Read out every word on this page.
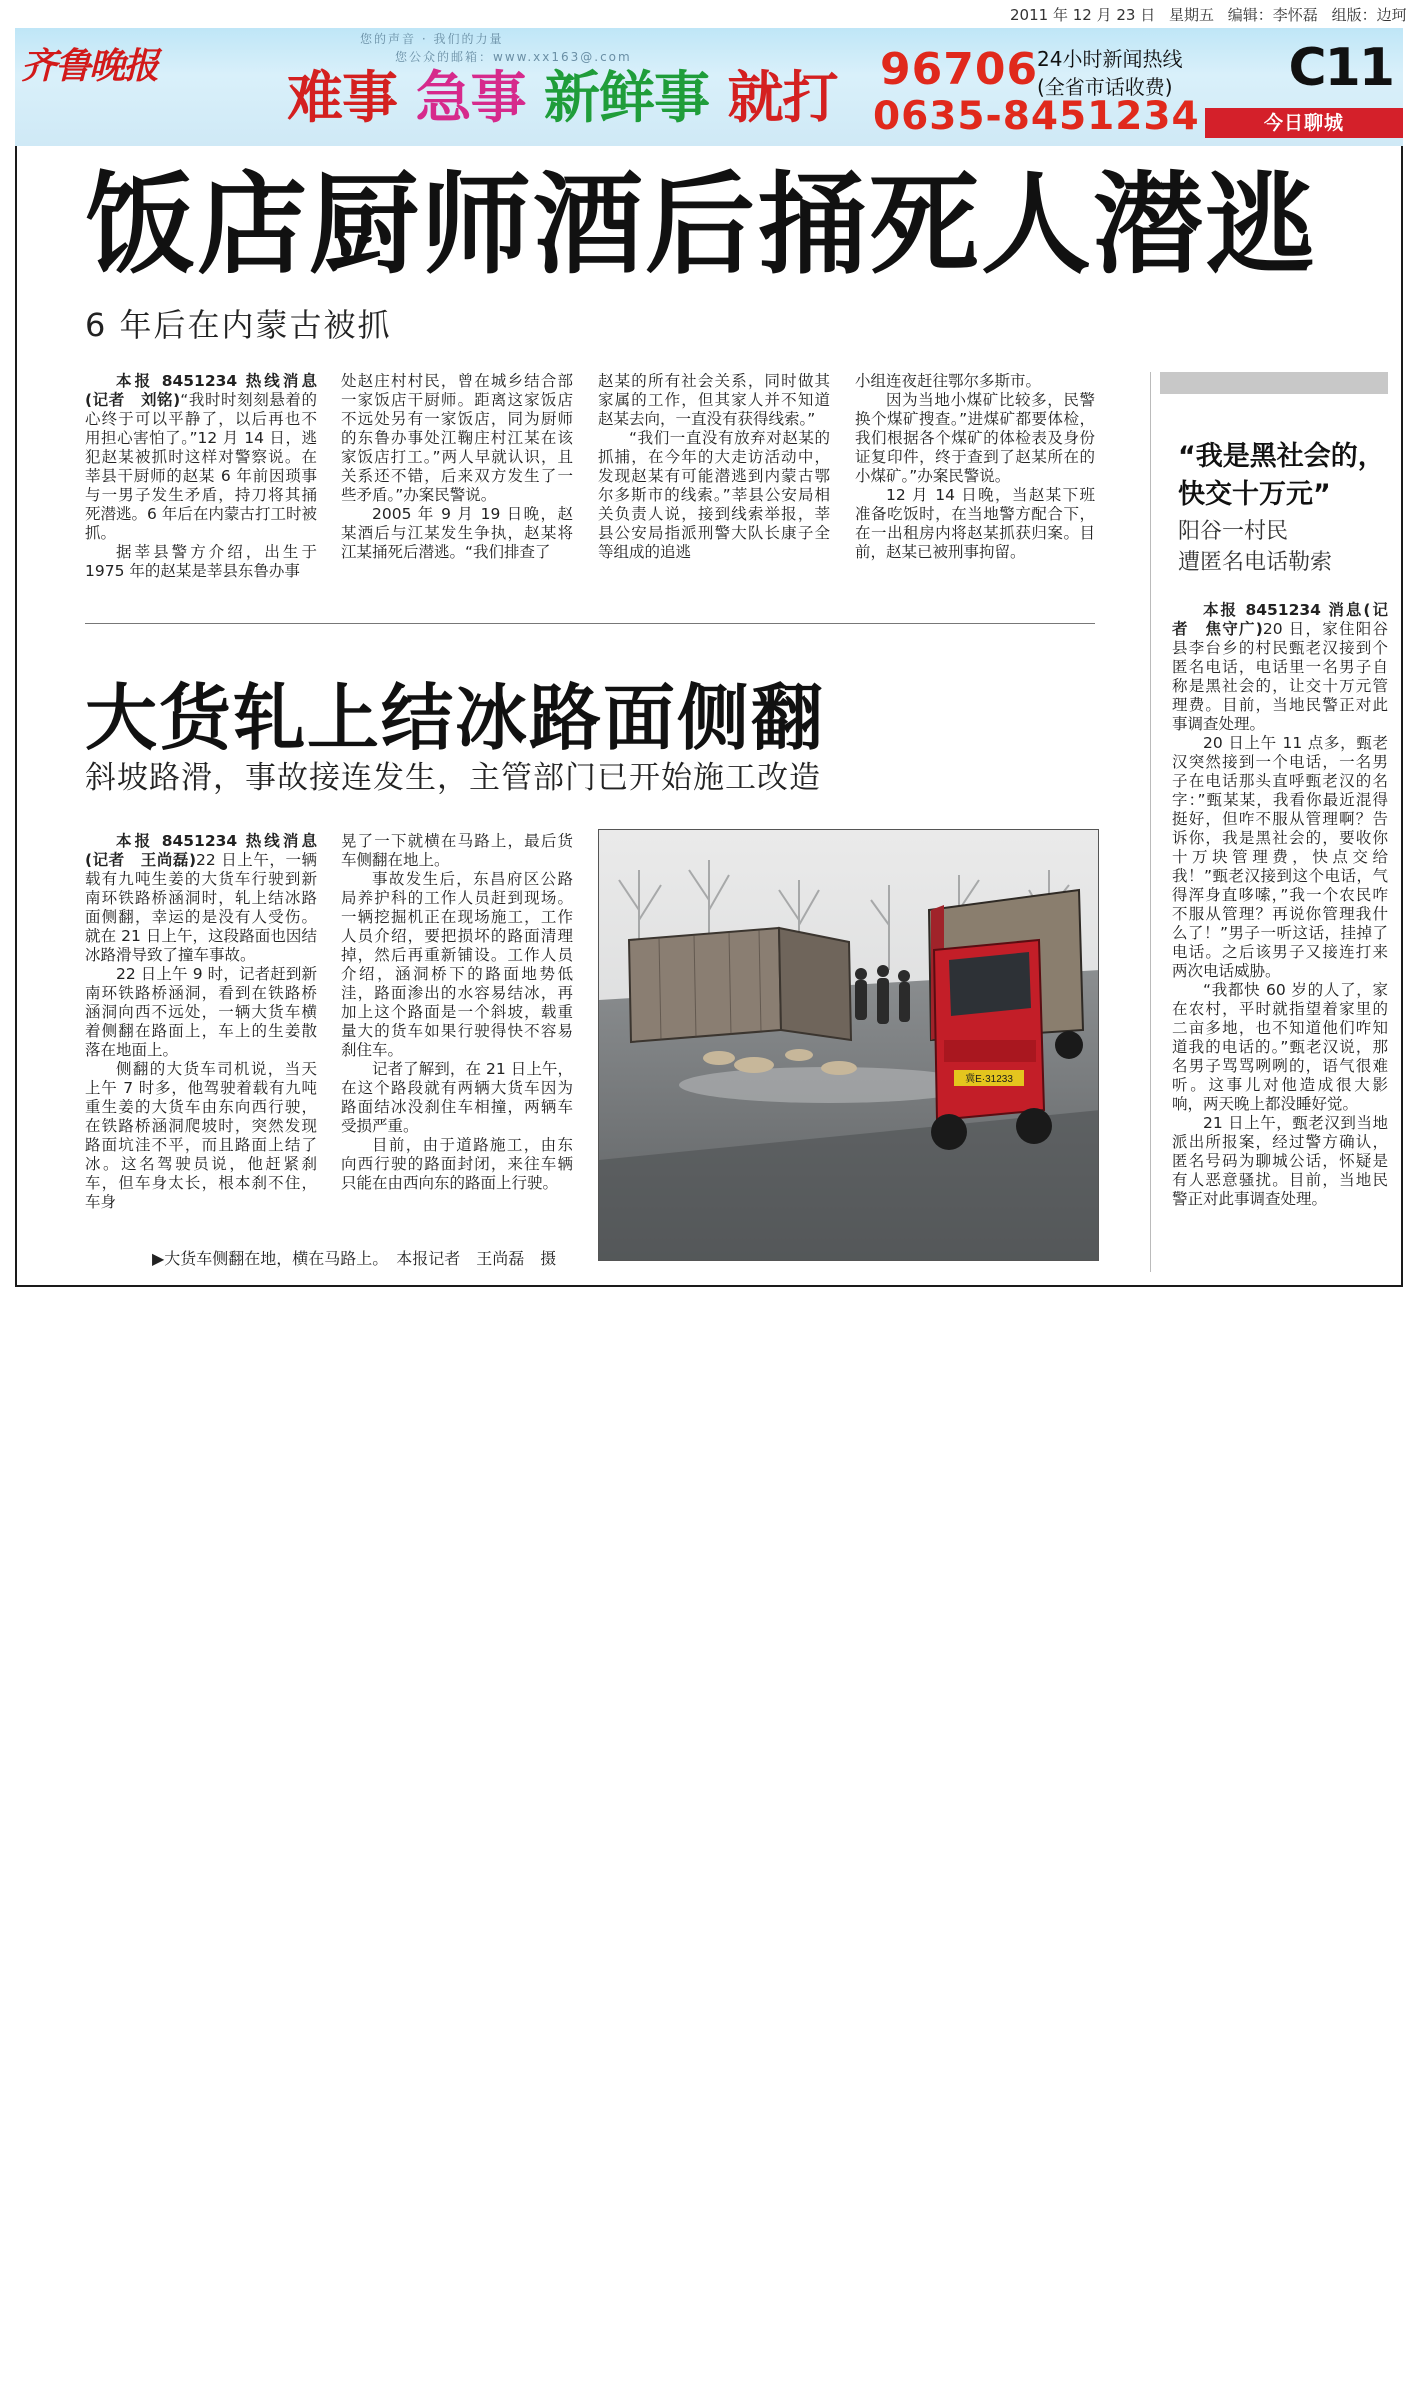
2011 年 12 月 23 日 星期五 编辑：李怀磊 组版：边珂
您的声音 · 我们的力量
您公众的邮箱：www.xx163@.com
齐鲁晚报 难事 急事 新鲜事 就打 96706
24小时新闻热线
(全省市话收费)
0635-8451234
C11
今日聊城
饭店厨师酒后捅死人潜逃
6 年后在内蒙古被抓

本报 8451234 热线消息(记者　刘铭)“我时时刻刻悬着的心终于可以平静了，以后再也不用担心害怕了。”12 月 14 日，逃犯赵某被抓时这样对警察说。在莘县干厨师的赵某 6 年前因琐事与一男子发生矛盾，持刀将其捅死潜逃。6 年后在内蒙古打工时被抓。

据莘县警方介绍，出生于 1975 年的赵某是莘县东鲁办事

处赵庄村村民，曾在城乡结合部一家饭店干厨师。距离这家饭店不远处另有一家饭店，同为厨师的东鲁办事处江鞠庄村江某在该家饭店打工。”两人早就认识，且关系还不错，后来双方发生了一些矛盾。”办案民警说。

2005 年 9 月 19 日晚，赵某酒后与江某发生争执，赵某将江某捅死后潜逃。“我们排查了

赵某的所有社会关系，同时做其家属的工作，但其家人并不知道赵某去向，一直没有获得线索。”

“我们一直没有放弃对赵某的抓捕，在今年的大走访活动中，发现赵某有可能潜逃到内蒙古鄂尔多斯市的线索。”莘县公安局相关负责人说，接到线索举报，莘县公安局指派刑警大队长康子全等组成的追逃

小组连夜赶往鄂尔多斯市。

因为当地小煤矿比较多，民警换个煤矿搜查。”进煤矿都要体检，我们根据各个煤矿的体检表及身份证复印件，终于查到了赵某所在的小煤矿。”办案民警说。

12 月 14 日晚，当赵某下班准备吃饭时，在当地警方配合下，在一出租房内将赵某抓获归案。目前，赵某已被刑事拘留。

大货轧上结冰路面侧翻
斜坡路滑，事故接连发生，主管部门已开始施工改造

本报 8451234 热线消息(记者　王尚磊)22 日上午，一辆载有九吨生姜的大货车行驶到新南环铁路桥涵洞时，轧上结冰路面侧翻，幸运的是没有人受伤。就在 21 日上午，这段路面也因结冰路滑导致了撞车事故。

22 日上午 9 时，记者赶到新南环铁路桥涵洞，看到在铁路桥涵洞向西不远处，一辆大货车横着侧翻在路面上，车上的生姜散落在地面上。

侧翻的大货车司机说，当天上午 7 时多，他驾驶着载有九吨重生姜的大货车由东向西行驶，在铁路桥涵洞爬坡时，突然发现路面坑洼不平，而且路面上结了冰。这名驾驶员说，他赶紧刹车，但车身太长，根本刹不住，车身

晃了一下就横在马路上，最后货车侧翻在地上。

事故发生后，东昌府区公路局养护科的工作人员赶到现场。一辆挖掘机正在现场施工，工作人员介绍，要把损坏的路面清理掉，然后再重新铺设。工作人员介绍，涵洞桥下的路面地势低洼，路面渗出的水容易结冰，再加上这个路面是一个斜坡，载重量大的货车如果行驶得快不容易刹住车。

记者了解到，在 21 日上午，在这个路段就有两辆大货车因为路面结冰没刹住车相撞，两辆车受损严重。

目前，由于道路施工，由东向西行驶的路面封闭，来往车辆只能在由西向东的路面上行驶。

冀E·31233
▶大货车侧翻在地，横在马路上。　本报记者　王尚磊　摄
“我是黑社会的，快交十万元”
阳谷一村民
遭匿名电话勒索

本报 8451234 消息(记者　焦守广)20 日，家住阳谷县李台乡的村民甄老汉接到个匿名电话，电话里一名男子自称是黑社会的，让交十万元管理费。目前，当地民警正对此事调查处理。

20 日上午 11 点多，甄老汉突然接到一个电话，一名男子在电话那头直呼甄老汉的名字：”甄某某，我看你最近混得挺好，但咋不服从管理啊？告诉你，我是黑社会的，要收你十万块管理费，快点交给我！”甄老汉接到这个电话，气得浑身直哆嗦，”我一个农民咋不服从管理？再说你管理我什么了！”男子一听这话，挂掉了电话。之后该男子又接连打来两次电话威胁。

“我都快 60 岁的人了，家在农村，平时就指望着家里的二亩多地，也不知道他们咋知道我的电话的。”甄老汉说，那名男子骂骂咧咧的，语气很难听。这事儿对他造成很大影响，两天晚上都没睡好觉。

21 日上午，甄老汉到当地派出所报案，经过警方确认，匿名号码为聊城公话，怀疑是有人恶意骚扰。目前，当地民警正对此事调查处理。
